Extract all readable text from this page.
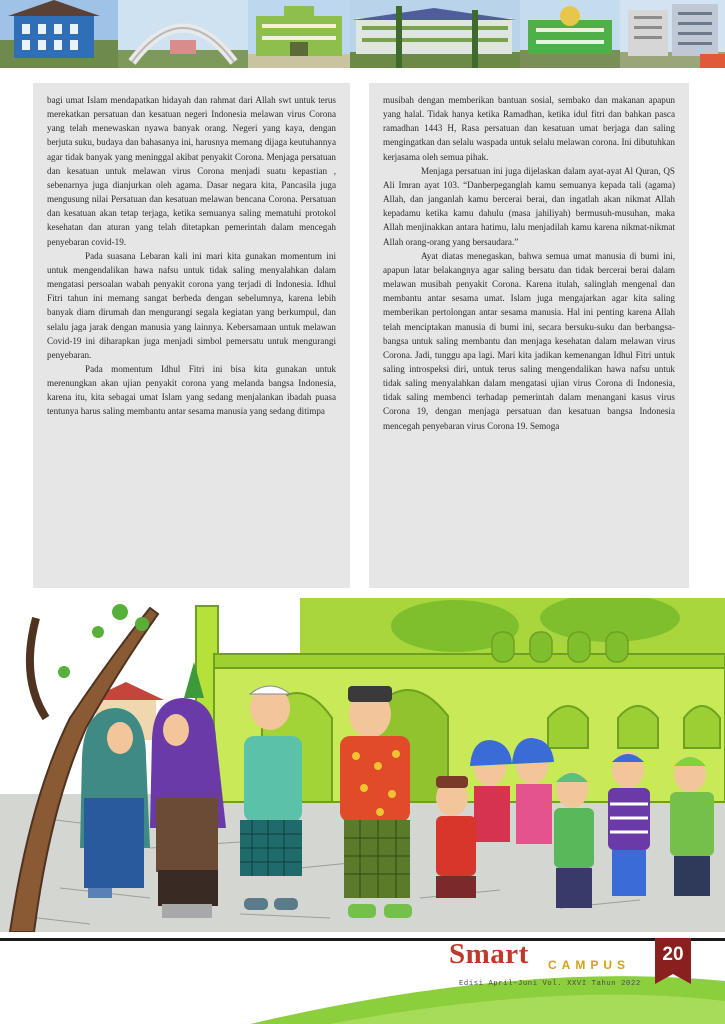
bagi umat Islam mendapatkan hidayah dan rahmat dari Allah swt untuk terus merekatkan persatuan dan kesatuan negeri Indonesia melawan virus Corona yang telah menewaskan nyawa banyak orang. Negeri yang kaya, dengan berjuta suku, budaya dan bahasanya ini, harusnya memang dijaga keutuhannya agar tidak banyak yang meninggal akibat penyakit Corona. Menjaga persatuan dan kesatuan untuk melawan virus Corona menjadi suatu kepastian , sebenarnya juga dianjurkan oleh agama. Dasar negara kita, Pancasila juga mengusung nilai Persatuan dan kesatuan melawan bencana Corona. Persatuan dan kesatuan akan tetap terjaga, ketika semuanya saling mematuhi protokol kesehatan dan aturan yang telah ditetapkan pemerintah dalam mencegah penyebaran covid-19.

Pada suasana Lebaran kali ini mari kita gunakan momentum ini untuk mengendalikan hawa nafsu untuk tidak saling menyalahkan dalam mengatasi persoalan wabah penyakit corona yang terjadi di Indonesia. Idhul Fitri tahun ini memang sangat berbeda dengan sebelumnya, karena lebih banyak diam dirumah dan mengurangi segala kegiatan yang berkumpul, dan selalu jaga jarak dengan manusia yang lainnya. Kebersamaan untuk melawan Covid-19 ini diharapkan juga menjadi simbol pemersatu untuk mengurangi penyebaran.

Pada momentum Idhul Fitri ini bisa kita gunakan untuk merenungkan akan ujian penyakit corona yang melanda bangsa Indonesia, karena itu, kita sebagai umat Islam yang sedang menjalankan ibadah puasa tentunya harus saling membantu antar sesama manusia yang sedang ditimpa

musibah dengan memberikan bantuan sosial, sembako dan makanan apapun yang halal. Tidak hanya ketika Ramadhan, ketika idul fitri dan bahkan pasca ramadhan 1443 H, Rasa persatuan dan kesatuan umat berjaga dan saling mengingatkan dan selalu waspada untuk selalu melawan corona. Ini dibutuhkan kerjasama oleh semua pihak.

Menjaga persatuan ini juga dijelaskan dalam ayat-ayat Al Quran, QS Ali Imran ayat 103. “Danberpeganglah kamu semuanya kepada tali (agama) Allah, dan janganlah kamu bercerai berai, dan ingatlah akan nikmat Allah kepadamu ketika kamu dahulu (masa jahiliyah) bermusuh-musuhan, maka Allah menjinakkan antara hatimu, lalu menjadilah kamu karena nikmat-nikmat Allah orang-orang yang bersaudara.”

Ayat diatas menegaskan, bahwa semua umat manusia di bumi ini, apapun latar belakangnya agar saling bersatu dan tidak bercerai berai dalam melawan musibah penyakit Corona. Karena itulah, salinglah mengenal dan membantu antar sesama umat. Islam juga mengajarkan agar kita saling memberikan pertolongan antar sesama manusia. Hal ini penting karena Allah telah menciptakan manusia di bumi ini, secara bersuku-suku dan berbangsa-bangsa untuk saling membantu dan menjaga kesehatan dalam melawan virus Corona. Jadi, tunggu apa lagi. Mari kita jadikan kemenangan Idhul Fitri untuk saling introspeksi diri, untuk terus saling mengendalikan hawa nafsu untuk tidak saling menyalahkan dalam mengatasi ujian virus Corona di Indonesia, tidak saling membenci terhadap pemerintah dalam menangani kasus virus Corona 19, dengan menjaga persatuan dan kesatuan bangsa Indonesia mencegah penyebaran virus Corona 19. Semoga

Smart CAMPUS
Edisi April-Juni Vol. XXVI Tahun 2022
20
